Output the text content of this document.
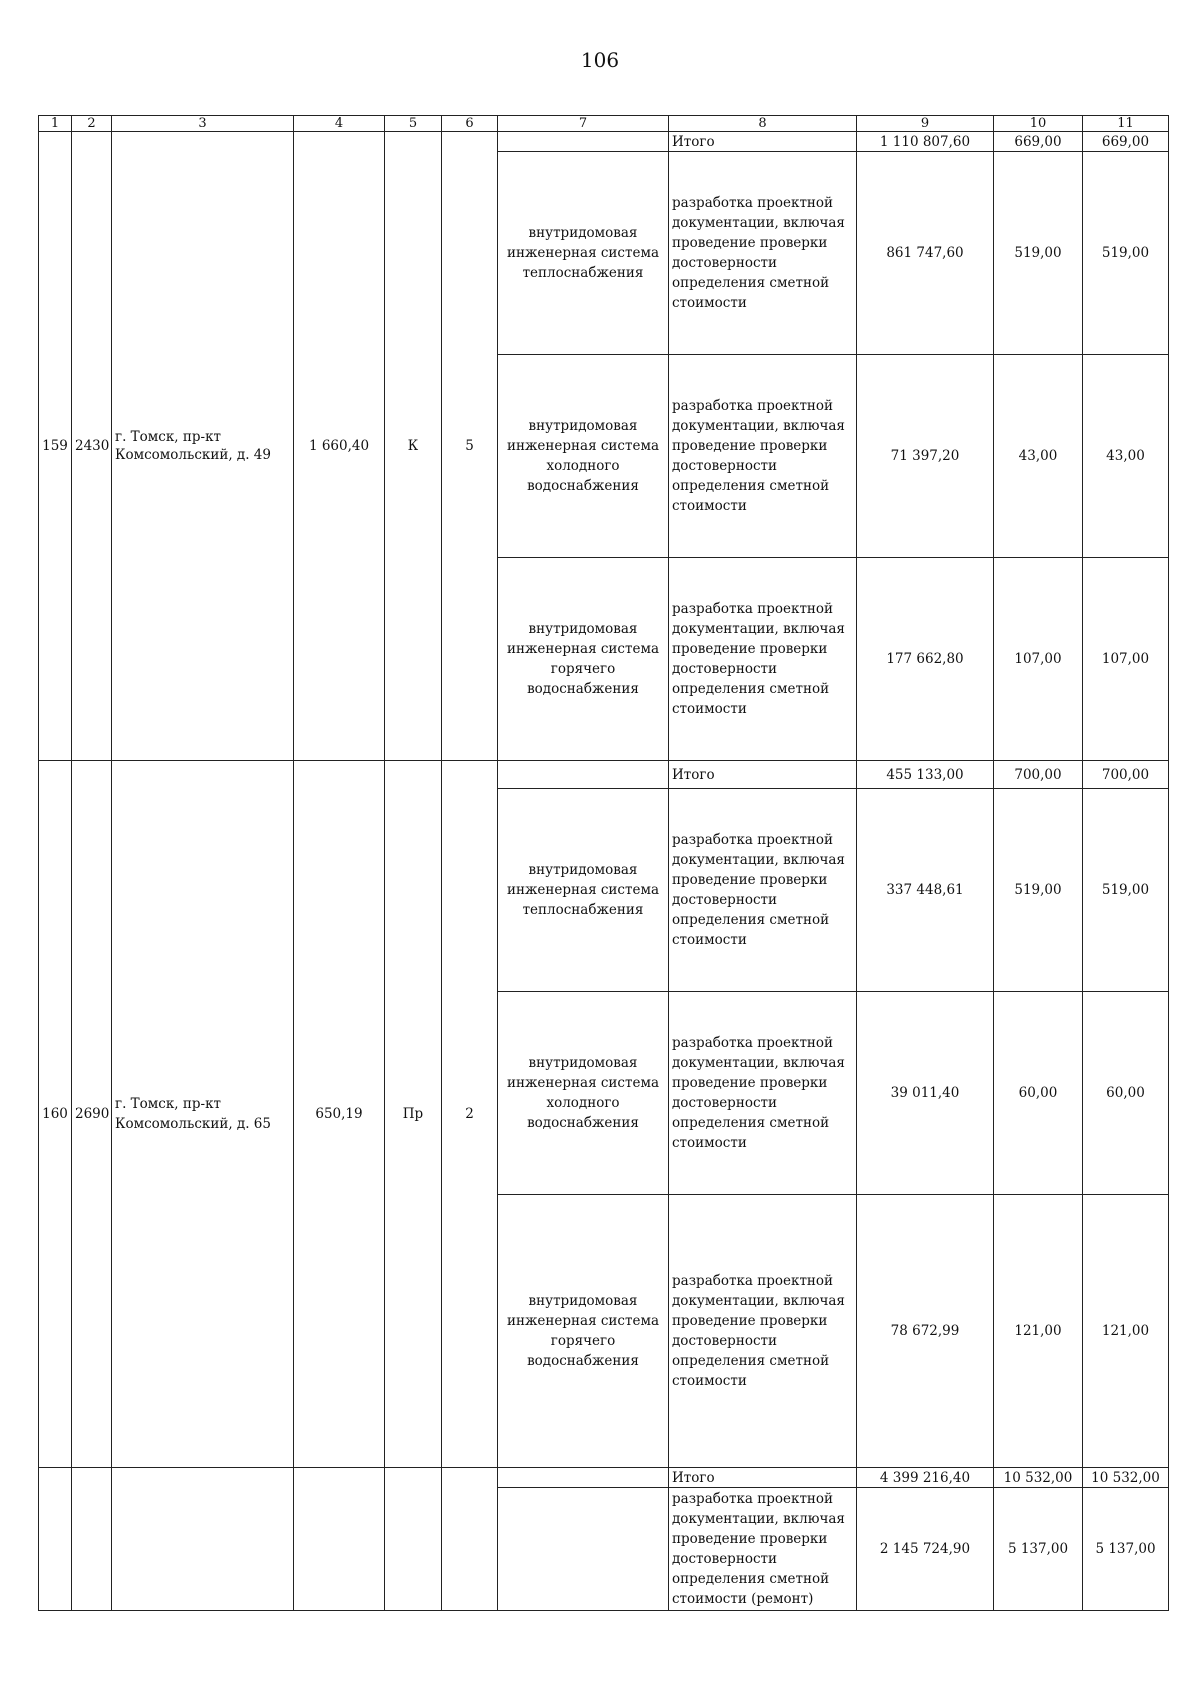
106
1	2	3	4	5	6	7	8	9	10	11
159	2430	г. Томск, пр-кт Комсомольский, д. 49	1 660,40	К	5		Итого	1 110 807,60	669,00	669,00
						внутридомовая инженерная система теплоснабжения	разработка проектной документации, включая проведение проверки достоверности определения сметной стоимости	861 747,60	519,00	519,00
						внутридомовая инженерная система холодного водоснабжения	разработка проектной документации, включая проведение проверки достоверности определения сметной стоимости	71 397,20	43,00	43,00
						внутридомовая инженерная система горячего водоснабжения	разработка проектной документации, включая проведение проверки достоверности определения сметной стоимости	177 662,80	107,00	107,00
160	2690	г. Томск, пр-кт Комсомольский, д. 65	650,19	Пр	2		Итого	455 133,00	700,00	700,00
						внутридомовая инженерная система теплоснабжения	разработка проектной документации, включая проведение проверки достоверности определения сметной стоимости	337 448,61	519,00	519,00
						внутридомовая инженерная система холодного водоснабжения	разработка проектной документации, включая проведение проверки достоверности определения сметной стоимости	39 011,40	60,00	60,00
						внутридомовая инженерная система горячего водоснабжения	разработка проектной документации, включая проведение проверки достоверности определения сметной стоимости	78 672,99	121,00	121,00
							Итого	4 399 216,40	10 532,00	10 532,00
							разработка проектной документации, включая проведение проверки достоверности определения сметной стоимости (ремонт)	2 145 724,90	5 137,00	5 137,00
